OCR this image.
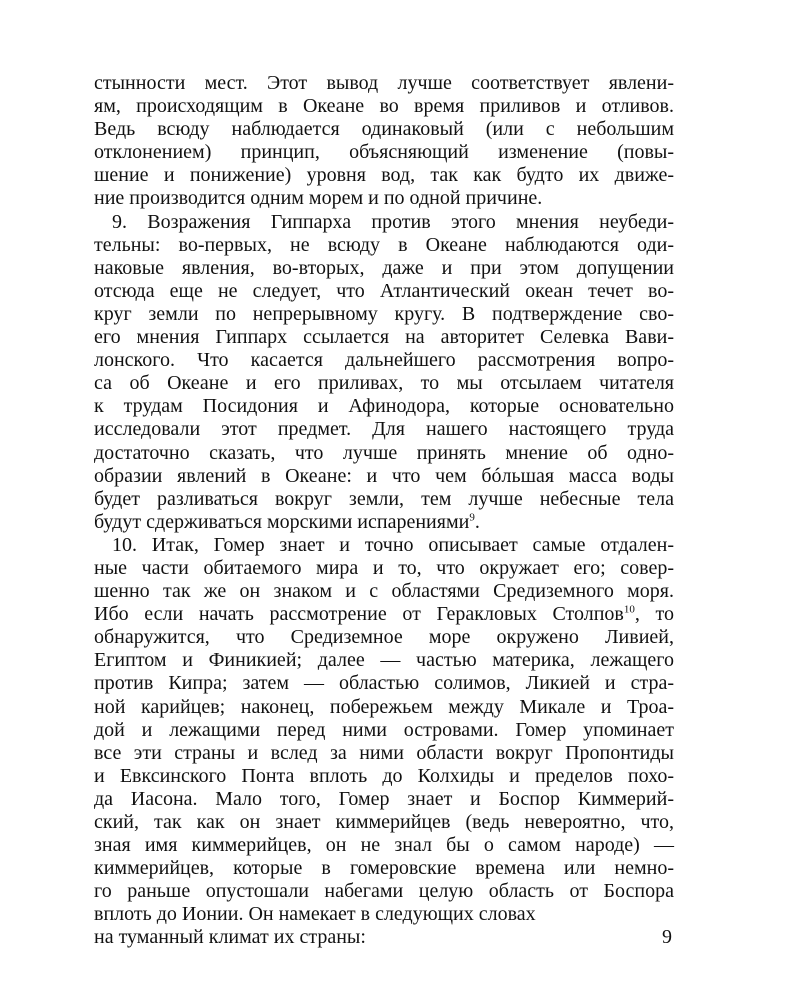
стынности мест. Этот вывод лучше соответствует явлени-
ям, происходящим в Океане во время приливов и отливов.
Ведь всюду наблюдается одинаковый (или с небольшим
отклонением) принцип, объясняющий изменение (повы-
шение и понижение) уровня вод, так как будто их движе-
ние производится одним морем и по одной причине.
9. Возражения Гиппарха против этого мнения неубеди-
тельны: во-первых, не всюду в Океане наблюдаются оди-
наковые явления, во-вторых, даже и при этом допущении
отсюда еще не следует, что Атлантический океан течет во-
круг земли по непрерывному кругу. В подтверждение сво-
его мнения Гиппарх ссылается на авторитет Селевка Вави-
лонского. Что касается дальнейшего рассмотрения вопро-
са об Океане и его приливах, то мы отсылаем читателя
к трудам Посидония и Афинодора, которые основательно
исследовали этот предмет. Для нашего настоящего труда
достаточно сказать, что лучше принять мнение об одно-
образии явлений в Океане: и что чем бóльшая масса воды
будет разливаться вокруг земли, тем лучше небесные тела
будут сдерживаться морскими испарениями$^9$.
10. Итак, Гомер знает и точно описывает самые отдален-
ные части обитаемого мира и то, что окружает его; совер-
шенно так же он знаком и с областями Средиземного моря.
Ибо если начать рассмотрение от Геракловых Столпов$^{10}$, то
обнаружится, что Средиземное море окружено Ливией,
Египтом и Финикией; далее — частью материка, лежащего
против Кипра; затем — областью солимов, Ликией и стра-
ной карийцев; наконец, побережьем между Микале и Троа-
дой и лежащими перед ними островами. Гомер упоминает
все эти страны и вслед за ними области вокруг Пропонтиды
и Евксинского Понта вплоть до Колхиды и пределов похо-
да Иасона. Мало того, Гомер знает и Боспор Киммерий-
ский, так как он знает киммерийцев (ведь невероятно, что,
зная имя киммерийцев, он не знал бы о самом народе) —
киммерийцев, которые в гомеровские времена или немно-
го раньше опустошали набегами целую область от Боспора
вплоть до Ионии. Он намекает в следующих словах
на туманный климат их страны:	9
